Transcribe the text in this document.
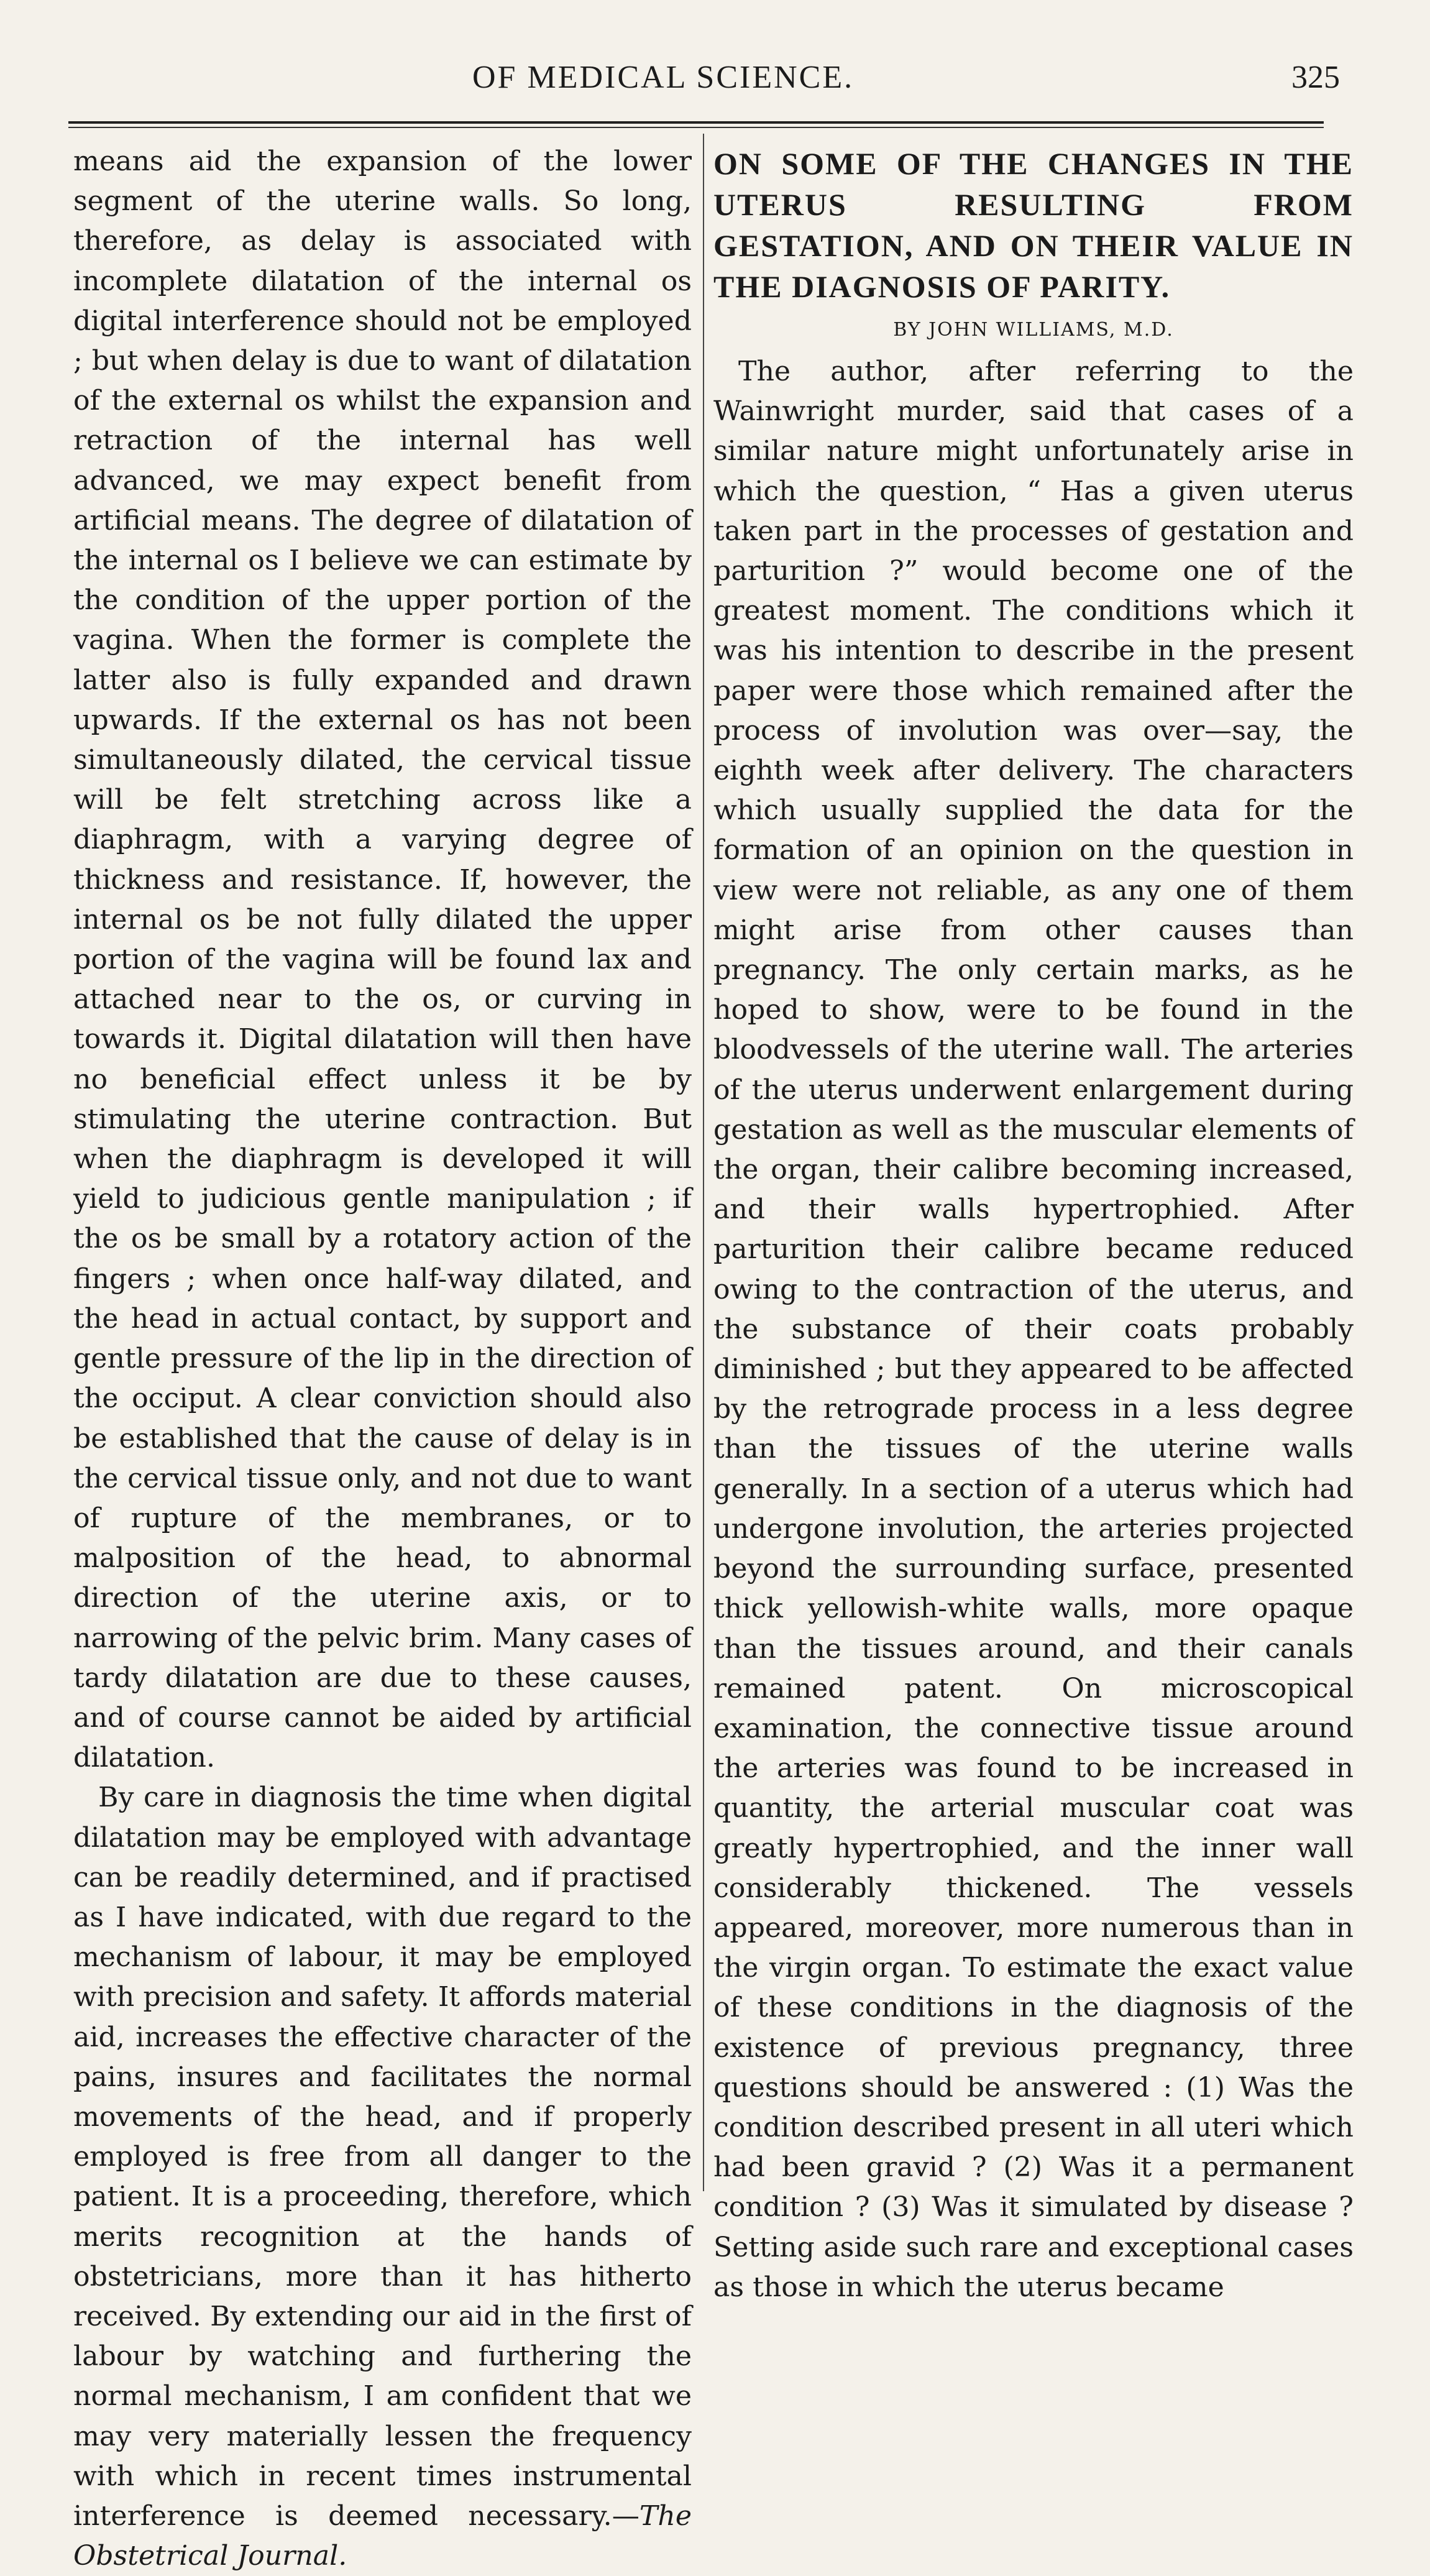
OF MEDICAL SCIENCE.	325

means aid the expansion of the lower segment of the uterine walls. So long, therefore, as delay is associated with incomplete dilatation of the internal os digital interference should not be employed ; but when delay is due to want of dilatation of the external os whilst the expansion and retraction of the internal has well advanced, we may expect benefit from artificial means. The degree of dilatation of the internal os I believe we can estimate by the condition of the upper portion of the vagina. When the former is complete the latter also is fully expanded and drawn upwards. If the external os has not been simultaneously dilated, the cervical tissue will be felt stretching across like a diaphragm, with a varying degree of thickness and resistance. If, however, the internal os be not fully dilated the upper portion of the vagina will be found lax and attached near to the os, or curving in towards it. Digital dilatation will then have no beneficial effect unless it be by stimulating the uterine contraction. But when the diaphragm is developed it will yield to judicious gentle manipulation ; if the os be small by a rotatory action of the fingers ; when once half-way dilated, and the head in actual contact, by support and gentle pressure of the lip in the direction of the occiput. A clear conviction should also be established that the cause of delay is in the cervical tissue only, and not due to want of rupture of the membranes, or to malposition of the head, to abnormal direction of the uterine axis, or to narrowing of the pelvic brim. Many cases of tardy dilatation are due to these causes, and of course cannot be aided by artificial dilatation.

By care in diagnosis the time when digital dilatation may be employed with advantage can be readily determined, and if practised as I have indicated, with due regard to the mechanism of labour, it may be employed with precision and safety. It affords material aid, increases the effective character of the pains, insures and facilitates the normal movements of the head, and if properly employed is free from all danger to the patient. It is a proceeding, therefore, which merits recognition at the hands of obstetricians, more than it has hitherto received. By extending our aid in the first of labour by watching and furthering the normal mechanism, I am confident that we may very materially lessen the frequency with which in recent times instrumental interference is deemed necessary.—The Obstetrical Journal.

ON SOME OF THE CHANGES IN THE UTERUS RESULTING FROM GESTATION, AND ON THEIR VALUE IN THE DIAGNOSIS OF PARITY.
BY JOHN WILLIAMS, M.D.

The author, after referring to the Wainwright murder, said that cases of a similar nature might unfortunately arise in which the question, “ Has a given uterus taken part in the processes of gestation and parturition ?” would become one of the greatest moment. The conditions which it was his intention to describe in the present paper were those which remained after the process of involution was over—say, the eighth week after delivery. The characters which usually supplied the data for the formation of an opinion on the question in view were not reliable, as any one of them might arise from other causes than pregnancy. The only certain marks, as he hoped to show, were to be found in the bloodvessels of the uterine wall. The arteries of the uterus underwent enlargement during gestation as well as the muscular elements of the organ, their calibre becoming increased, and their walls hypertrophied. After parturition their calibre became reduced owing to the contraction of the uterus, and the substance of their coats probably diminished ; but they appeared to be affected by the retrograde process in a less degree than the tissues of the uterine walls generally. In a section of a uterus which had undergone involution, the arteries projected beyond the surrounding surface, presented thick yellowish-white walls, more opaque than the tissues around, and their canals remained patent. On microscopical examination, the connective tissue around the arteries was found to be increased in quantity, the arterial muscular coat was greatly hypertrophied, and the inner wall considerably thickened. The vessels appeared, moreover, more numerous than in the virgin organ. To estimate the exact value of these conditions in the diagnosis of the existence of previous pregnancy, three questions should be answered : (1) Was the condition described present in all uteri which had been gravid ? (2) Was it a permanent condition ? (3) Was it simulated by disease ? Setting aside such rare and exceptional cases as those in which the uterus became
